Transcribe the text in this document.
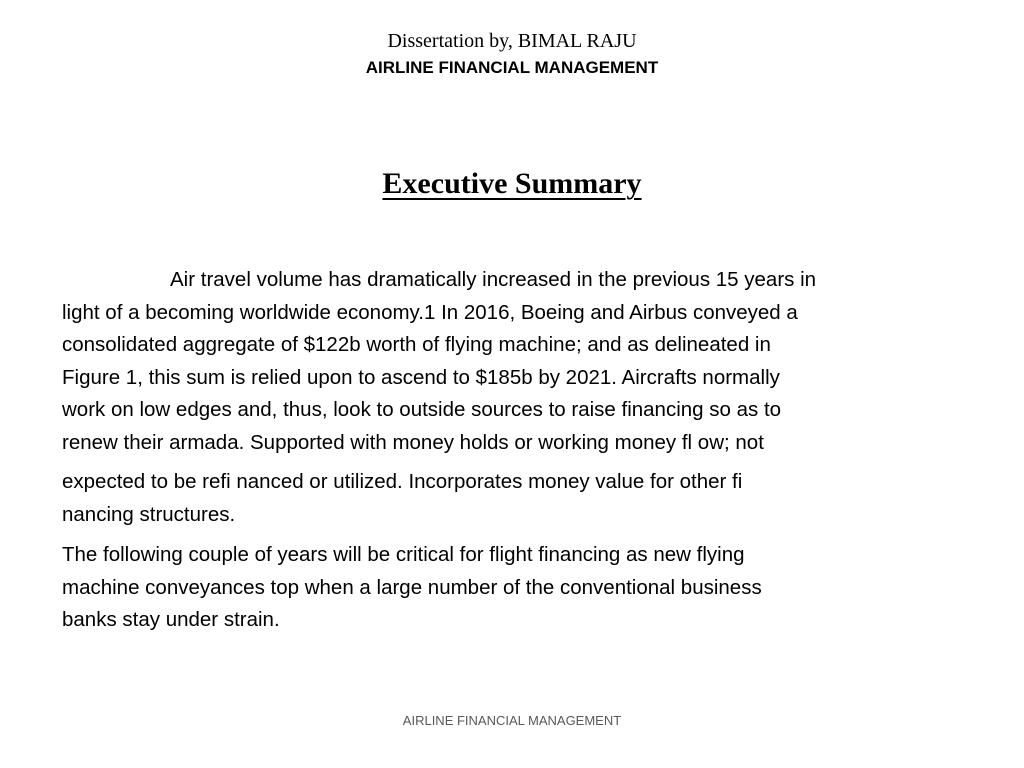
Dissertation by, BIMAL RAJU
AIRLINE FINANCIAL MANAGEMENT
Executive Summary
Air travel volume has dramatically increased in the previous 15 years in
light of a becoming worldwide economy.1 In 2016, Boeing and Airbus conveyed a
consolidated aggregate of $122b worth of flying machine; and as delineated in
Figure 1, this sum is relied upon to ascend to $185b by 2021. Aircrafts normally
work on low edges and, thus, look to outside sources to raise financing so as to
renew their armada. Supported with money holds or working money fl ow; not
expected to be refi nanced or utilized. Incorporates money value for other fi
nancing structures.
The following couple of years will be critical for flight financing as new flying
machine conveyances top when a large number of the conventional business
banks stay under strain.
AIRLINE FINANCIAL MANAGEMENT
